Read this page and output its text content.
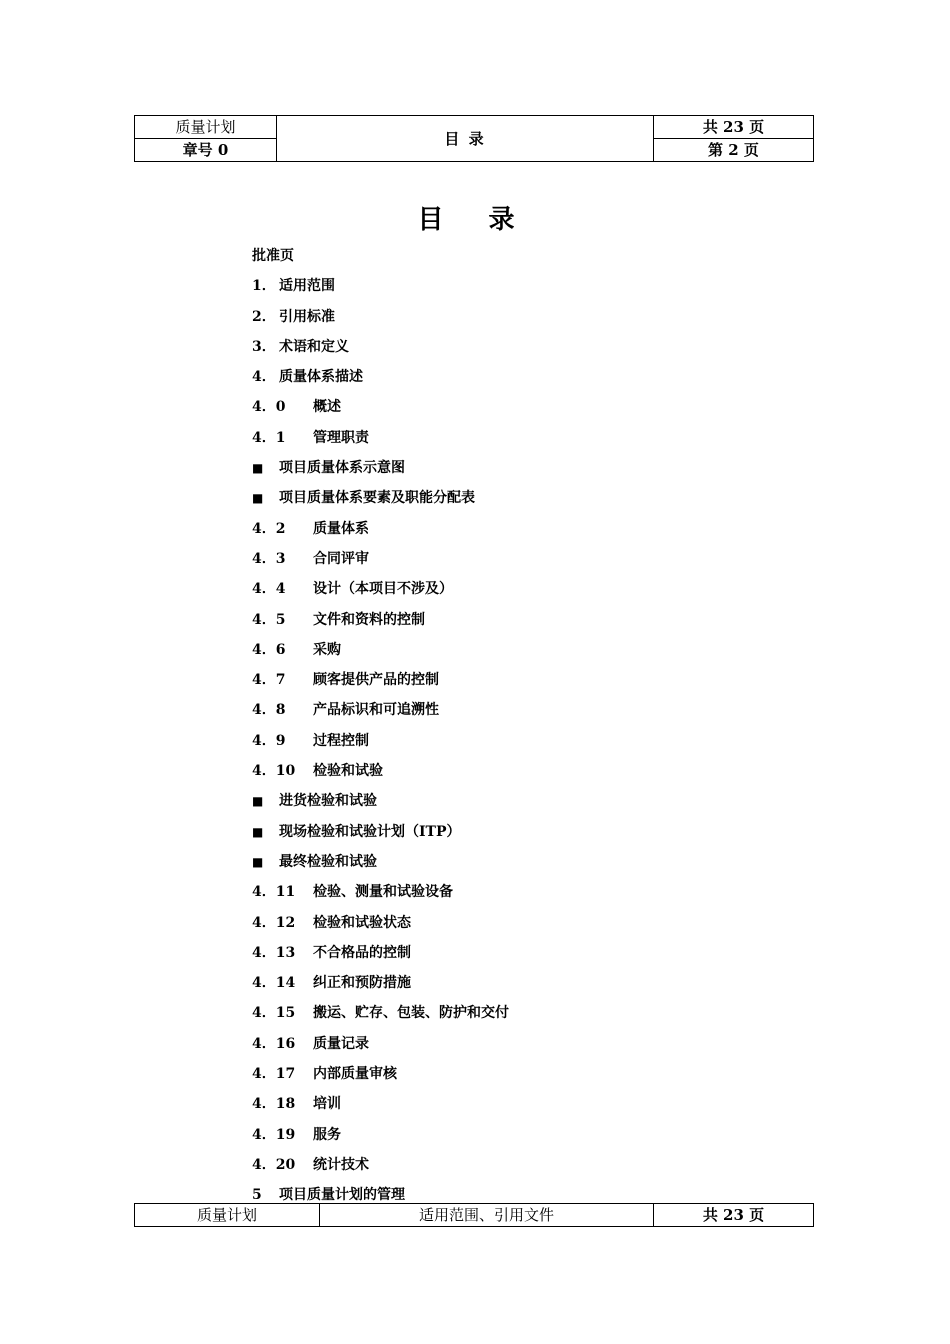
质量计划	目 录	共 23 页
章号 0		第 2 页
目 录
批准页
1． 适用范围
2． 引用标准
3． 术语和定义
4． 质量体系描述
4．0 概述
4．1 管理职责
■ 项目质量体系示意图
■ 项目质量体系要素及职能分配表
4．2 质量体系
4．3 合同评审
4．4 设计（本项目不涉及）
4．5 文件和资料的控制
4．6 采购
4．7 顾客提供产品的控制
4．8 产品标识和可追溯性
4．9 过程控制
4．10 检验和试验
■ 进货检验和试验
■ 现场检验和试验计划（ITP）
■ 最终检验和试验
4．11 检验、测量和试验设备
4．12 检验和试验状态
4．13 不合格品的控制
4．14 纠正和预防措施
4．15 搬运、贮存、包装、防护和交付
4．16 质量记录
4．17 内部质量审核
4．18 培训
4．19 服务
4．20 统计技术
5 项目质量计划的管理
质量计划	适用范围、引用文件	共 23 页
